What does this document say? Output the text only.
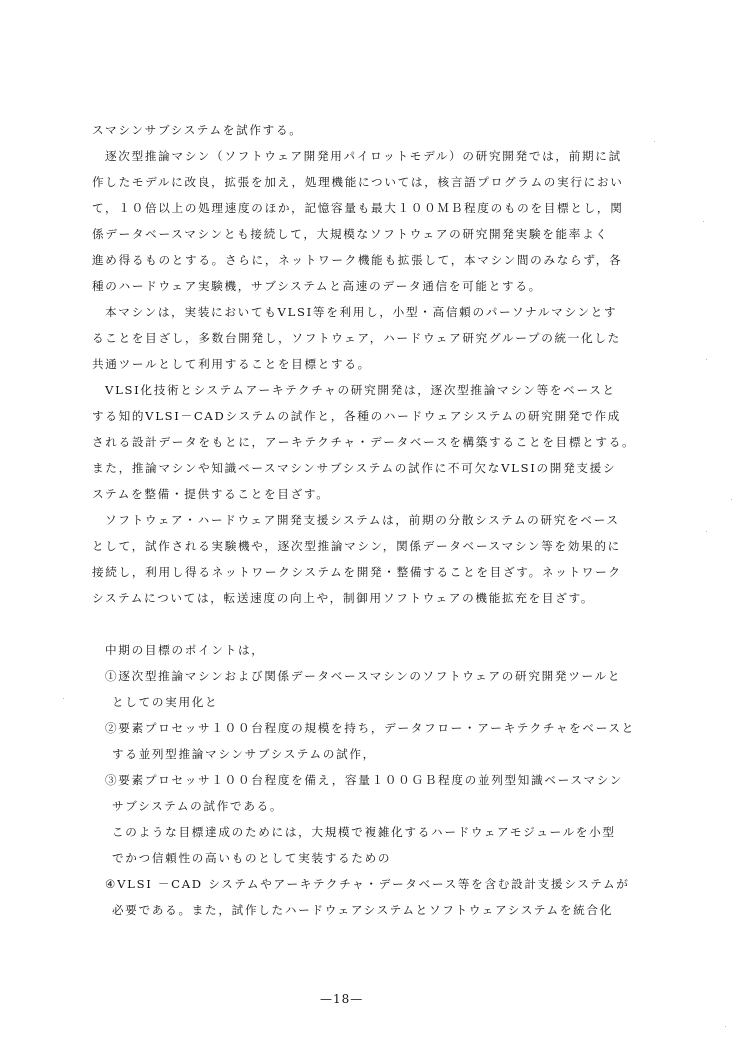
スマシンサブシステムを試作する。
逐次型推論マシン（ソフトウェア開発用パイロットモデル）の研究開発では，前期に試
作したモデルに改良，拡張を加え，処理機能については，核言語プログラムの実行におい
て，１０倍以上の処理速度のほか，記憶容量も最大１００ＭＢ程度のものを目標とし，関
係データベースマシンとも接続して，大規模なソフトウェアの研究開発実験を能率よく
進め得るものとする。さらに，ネットワーク機能も拡張して，本マシン間のみならず，各
種のハードウェア実験機，サブシステムと高速のデータ通信を可能とする。
本マシンは，実装においてもVLSI等を利用し，小型・高信頼のパーソナルマシンとす
ることを目ざし，多数台開発し，ソフトウェア，ハードウェア研究グループの統一化した
共通ツールとして利用することを目標とする。
VLSI化技術とシステムアーキテクチャの研究開発は，逐次型推論マシン等をベースと
する知的VLSI－CADシステムの試作と，各種のハードウェアシステムの研究開発で作成
される設計データをもとに，アーキテクチャ・データベースを構築することを目標とする。
また，推論マシンや知識ベースマシンサブシステムの試作に不可欠なVLSIの開発支援シ
ステムを整備・提供することを目ざす。
ソフトウェア・ハードウェア開発支援システムは，前期の分散システムの研究をベース
として，試作される実験機や，逐次型推論マシン，関係データベースマシン等を効果的に
接続し，利用し得るネットワークシステムを開発・整備することを目ざす。ネットワーク
システムについては，転送速度の向上や，制御用ソフトウェアの機能拡充を目ざす。
中期の目標のポイントは，
①逐次型推論マシンおよび関係データベースマシンのソフトウェアの研究開発ツールと
としての実用化と
②要素プロセッサ１００台程度の規模を持ち，データフロー・アーキテクチャをベースと
する並列型推論マシンサブシステムの試作，
③要素プロセッサ１００台程度を備え，容量１００ＧＢ程度の並列型知識ベースマシン
サブシステムの試作である。
このような目標達成のためには，大規模で複雑化するハードウェアモジュールを小型
でかつ信頼性の高いものとして実装するための
④VLSI －CAD システムやアーキテクチャ・データベース等を含む設計支援システムが
必要である。また，試作したハードウェアシステムとソフトウェアシステムを統合化
—18—
